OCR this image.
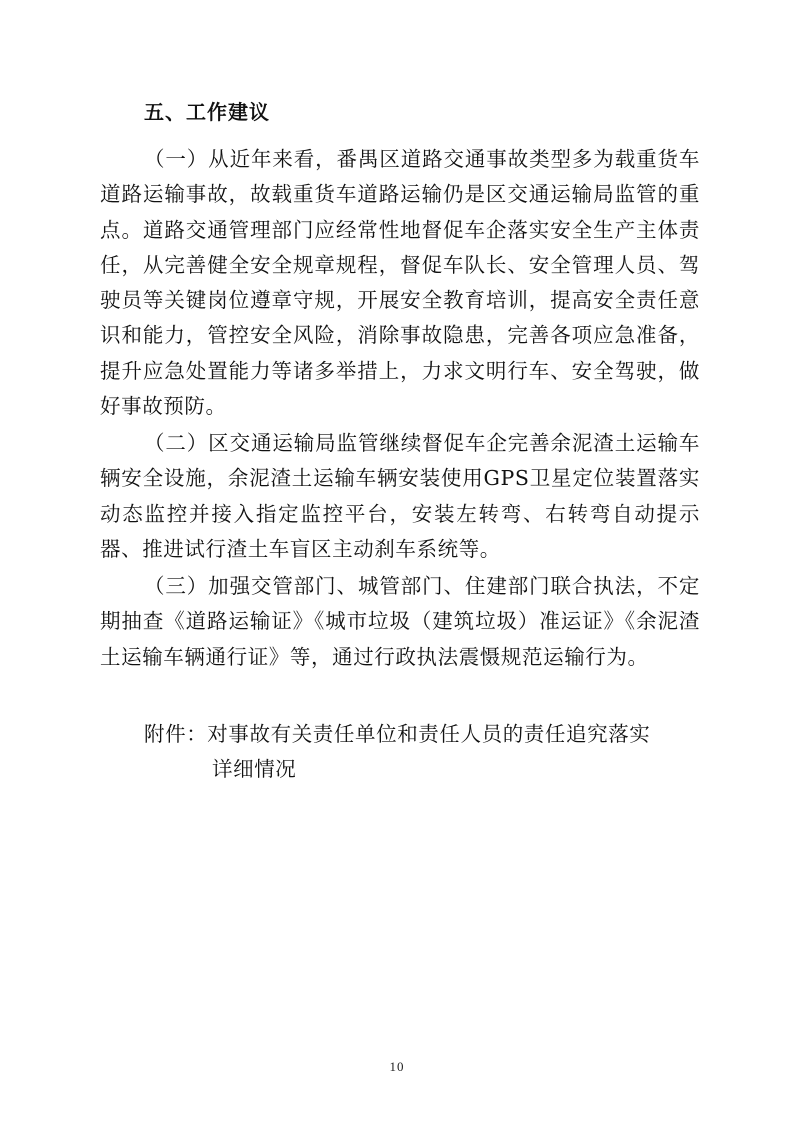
五、工作建议

（一）从近年来看，番禺区道路交通事故类型多为载重货车道路运输事故，故载重货车道路运输仍是区交通运输局监管的重点。道路交通管理部门应经常性地督促车企落实安全生产主体责任，从完善健全安全规章规程，督促车队长、安全管理人员、驾驶员等关键岗位遵章守规，开展安全教育培训，提高安全责任意识和能力，管控安全风险，消除事故隐患，完善各项应急准备，提升应急处置能力等诸多举措上，力求文明行车、安全驾驶，做好事故预防。

（二）区交通运输局监管继续督促车企完善余泥渣土运输车辆安全设施，余泥渣土运输车辆安装使用GPS卫星定位装置落实动态监控并接入指定监控平台，安装左转弯、右转弯自动提示器、推进试行渣土车盲区主动刹车系统等。

（三）加强交管部门、城管部门、住建部门联合执法，不定期抽查《道路运输证》《城市垃圾（建筑垃圾）准运证》《余泥渣土运输车辆通行证》等，通过行政执法震慑规范运输行为。

附件：对事故有关责任单位和责任人员的责任追究落实
详细情况
10
